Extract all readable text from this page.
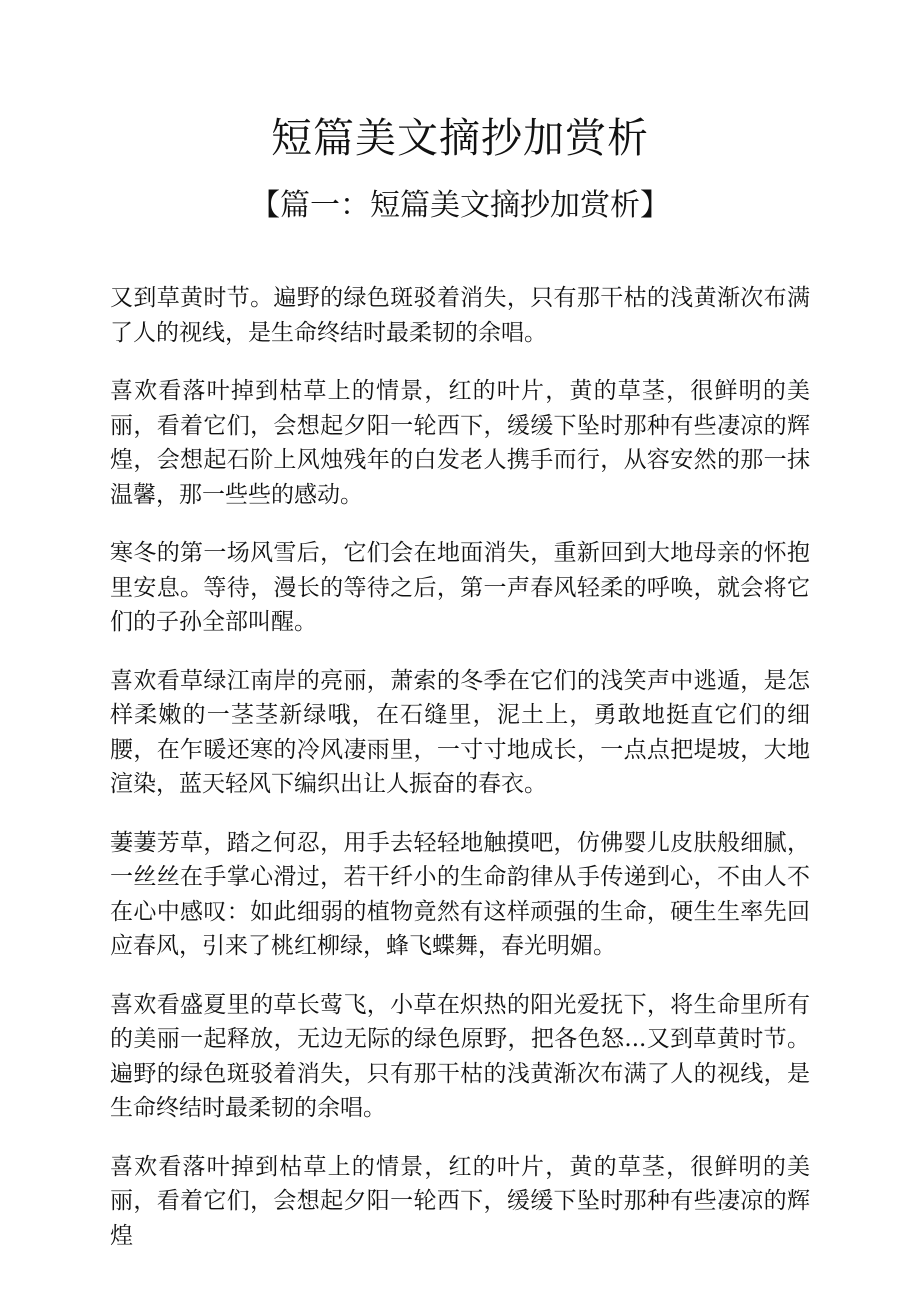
短篇美文摘抄加赏析
【篇一：短篇美文摘抄加赏析】

又到草黄时节。遍野的绿色斑驳着消失，只有那干枯的浅黄渐次布满了人的视线，是生命终结时最柔韧的余唱。

喜欢看落叶掉到枯草上的情景，红的叶片，黄的草茎，很鲜明的美丽，看着它们，会想起夕阳一轮西下，缓缓下坠时那种有些凄凉的辉煌，会想起石阶上风烛残年的白发老人携手而行，从容安然的那一抹温馨，那一些些的感动。

寒冬的第一场风雪后，它们会在地面消失，重新回到大地母亲的怀抱里安息。等待，漫长的等待之后，第一声春风轻柔的呼唤，就会将它们的子孙全部叫醒。

喜欢看草绿江南岸的亮丽，萧索的冬季在它们的浅笑声中逃遁，是怎样柔嫩的一茎茎新绿哦，在石缝里，泥土上，勇敢地挺直它们的细腰，在乍暖还寒的冷风凄雨里，一寸寸地成长，一点点把堤坡，大地渲染，蓝天轻风下编织出让人振奋的春衣。

萋萋芳草，踏之何忍，用手去轻轻地触摸吧，仿佛婴儿皮肤般细腻，一丝丝在手掌心滑过，若干纤小的生命韵律从手传递到心，不由人不在心中感叹：如此细弱的植物竟然有这样顽强的生命，硬生生率先回应春风，引来了桃红柳绿，蜂飞蝶舞，春光明媚。

喜欢看盛夏里的草长莺飞，小草在炽热的阳光爱抚下，将生命里所有的美丽一起释放，无边无际的绿色原野，把各色怒...又到草黄时节。遍野的绿色斑驳着消失，只有那干枯的浅黄渐次布满了人的视线，是生命终结时最柔韧的余唱。

喜欢看落叶掉到枯草上的情景，红的叶片，黄的草茎，很鲜明的美丽，看着它们，会想起夕阳一轮西下，缓缓下坠时那种有些凄凉的辉煌
